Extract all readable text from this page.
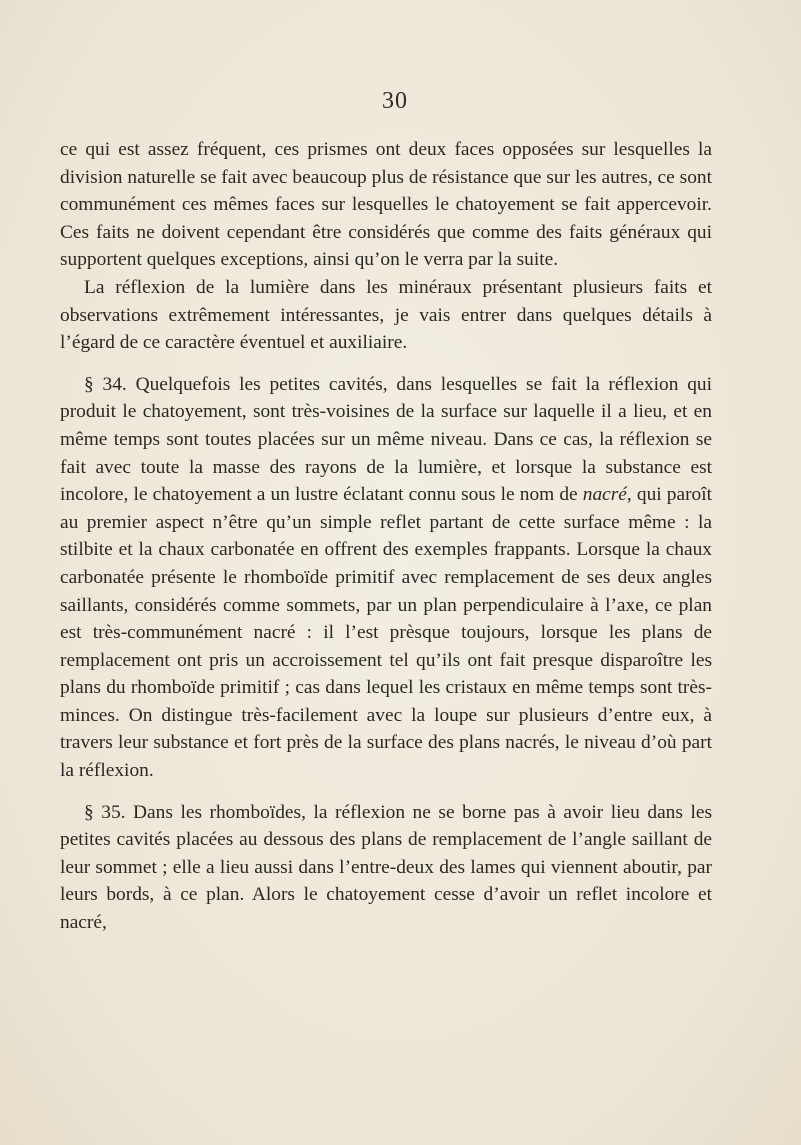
30

ce qui est assez fréquent, ces prismes ont deux faces opposées sur lesquelles la division naturelle se fait avec beaucoup plus de résistance que sur les autres, ce sont communément ces mêmes faces sur lesquelles le chatoyement se fait appercevoir. Ces faits ne doivent cependant être considérés que comme des faits généraux qui supportent quelques exceptions, ainsi qu’on le verra par la suite.

La réflexion de la lumière dans les minéraux présentant plusieurs faits et observations extrêmement intéressantes, je vais entrer dans quelques détails à l’égard de ce caractère éventuel et auxiliaire.

§ 34. Quelquefois les petites cavités, dans lesquelles se fait la réflexion qui produit le chatoyement, sont très-voisines de la surface sur laquelle il a lieu, et en même temps sont toutes placées sur un même niveau. Dans ce cas, la réflexion se fait avec toute la masse des rayons de la lumière, et lorsque la substance est incolore, le chatoyement a un lustre éclatant connu sous le nom de nacré, qui paroît au premier aspect n’être qu’un simple reflet partant de cette surface même : la stilbite et la chaux carbonatée en offrent des exemples frappants. Lorsque la chaux carbonatée présente le rhomboïde primitif avec remplacement de ses deux angles saillants, considérés comme sommets, par un plan perpendiculaire à l’axe, ce plan est très-communément nacré : il l’est prèsque toujours, lorsque les plans de remplacement ont pris un accroissement tel qu’ils ont fait presque disparoître les plans du rhomboïde primitif ; cas dans lequel les cristaux en même temps sont très-minces. On distingue très-facilement avec la loupe sur plusieurs d’entre eux, à travers leur substance et fort près de la surface des plans nacrés, le niveau d’où part la réflexion.

§ 35. Dans les rhomboïdes, la réflexion ne se borne pas à avoir lieu dans les petites cavités placées au dessous des plans de remplacement de l’angle saillant de leur sommet ; elle a lieu aussi dans l’entre-deux des lames qui viennent aboutir, par leurs bords, à ce plan. Alors le chatoyement cesse d’avoir un reflet incolore et nacré,
